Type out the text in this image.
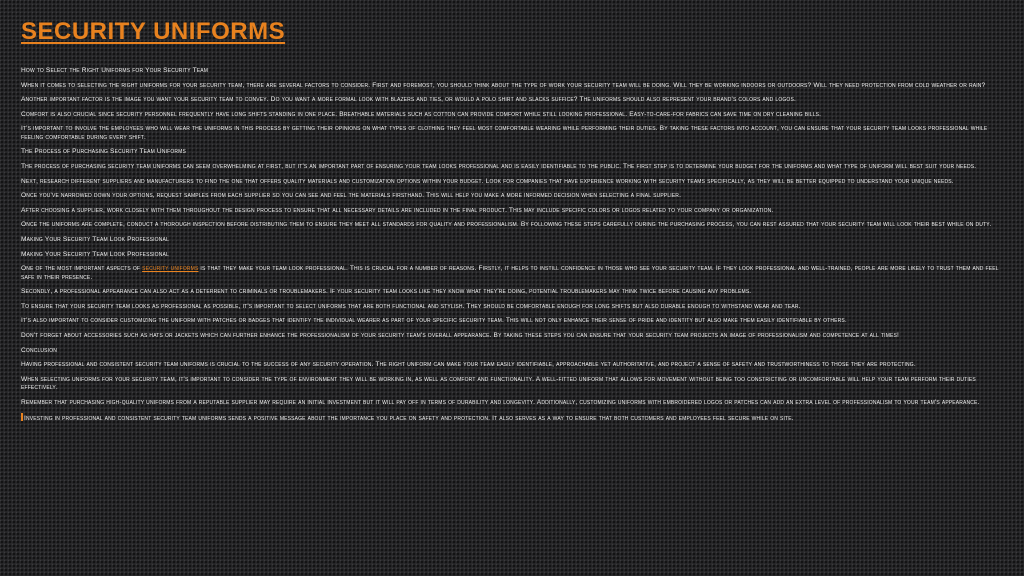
SECURITY UNIFORMS

How to Select the Right Uniforms for Your Security Team

When it comes to selecting the right uniforms for your security team, there are several factors to consider. First and foremost, you should think about the type of work your security team will be doing. Will they be working indoors or outdoors? Will they need protection from cold weather or rain?

Another important factor is the image you want your security team to convey. Do you want a more formal look with blazers and ties, or would a polo shirt and slacks suffice? The uniforms should also represent your brand's colors and logos.

Comfort is also crucial since security personnel frequently have long shifts standing in one place. Breathable materials such as cotton can provide comfort while still looking professional. Easy-to-care-for fabrics can save time on dry cleaning bills.

It's important to involve the employees who will wear the uniforms in this process by getting their opinions on what types of clothing they feel most comfortable wearing while performing their duties. By taking these factors into account, you can ensure that your security team looks professional while feeling comfortable during every shift.

The Process of Purchasing Security Team Uniforms

The process of purchasing security team uniforms can seem overwhelming at first, but it's an important part of ensuring your team looks professional and is easily identifiable to the public. The first step is to determine your budget for the uniforms and what type of uniform will best suit your needs.

Next, research different suppliers and manufacturers to find the one that offers quality materials and customization options within your budget. Look for companies that have experience working with security teams specifically, as they will be better equipped to understand your unique needs.

Once you've narrowed down your options, request samples from each supplier so you can see and feel the materials firsthand. This will help you make a more informed decision when selecting a final supplier.

After choosing a supplier, work closely with them throughout the design process to ensure that all necessary details are included in the final product. This may include specific colors or logos related to your company or organization.

Once the uniforms are complete, conduct a thorough inspection before distributing them to ensure they meet all standards for quality and professionalism. By following these steps carefully during the purchasing process, you can rest assured that your security team will look their best while on duty.

Making Your Security Team Look Professional

Making Your Security Team Look Professional

One of the most important aspects of security uniforms is that they make your team look professional. This is crucial for a number of reasons. Firstly, it helps to instill confidence in those who see your security team. If they look professional and well-trained, people are more likely to trust them and feel safe in their presence.

Secondly, a professional appearance can also act as a deterrent to criminals or troublemakers. If your security team looks like they know what they're doing, potential troublemakers may think twice before causing any problems.

To ensure that your security team looks as professional as possible, it's important to select uniforms that are both functional and stylish. They should be comfortable enough for long shifts but also durable enough to withstand wear and tear.

It's also important to consider customizing the uniform with patches or badges that identify the individual wearer as part of your specific security team. This will not only enhance their sense of pride and identity but also make them easily identifiable by others.

Don't forget about accessories such as hats or jackets which can further enhance the professionalism of your security team's overall appearance. By taking these steps you can ensure that your security team projects an image of professionalism and competence at all times!

Conclusion

Having professional and consistent security team uniforms is crucial to the success of any security operation. The right uniform can make your team easily identifiable, approachable yet authoritative, and project a sense of safety and trustworthiness to those they are protecting.

When selecting uniforms for your security team, it's important to consider the type of environment they will be working in, as well as comfort and functionality. A well-fitted uniform that allows for movement without being too constricting or uncomfortable will help your team perform their duties effectively.

Remember that purchasing high-quality uniforms from a reputable supplier may require an initial investment but it will pay off in terms of durability and longevity. Additionally, customizing uniforms with embroidered logos or patches can add an extra level of professionalism to your team's appearance.

Investing in professional and consistent security team uniforms sends a positive message about the importance you place on safety and protection. It also serves as a way to ensure that both customers and employees feel secure while on site.
